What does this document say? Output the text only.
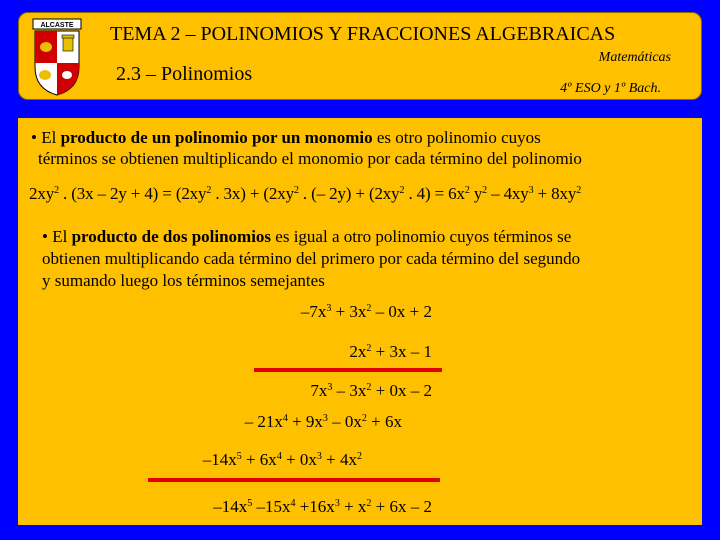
ALCASTE TEMA 2 – POLINOMIOS Y FRACCIONES ALGEBRAICAS
2.3 – Polinomios
Matemáticas
4º ESO y 1º Bach.
• El producto de un polinomio por un monomio es otro polinomio cuyos
términos se obtienen multiplicando el monomio por cada término del polinomio
$2xy^2$ . $(3x - 2y + 4) = (2xy^2$ . $3x) + (2xy^2$ . (– $2y) + (2xy^2$ . $4) = 6x^2$ $y^2 - 4xy^3 + 8xy^2$
• El producto de dos polinomios es igual a otro polinomio cuyos términos se
obtienen multiplicando cada término del primero por cada término del segundo
y sumando luego los términos semejantes
$-7x^3 + 3x^2 - 0x + 2$
$2x^2 + 3x - 1$
$7x^3 - 3x^2 + 0x - 2$
– $21x^4 + 9x^3 - 0x^2 + 6x$
$-14x^5 + 6x^4 + 0x^3 + 4x^2$
$-14x^5$ $-15x^4 +16x^3 + x^2 + 6x - 2$
